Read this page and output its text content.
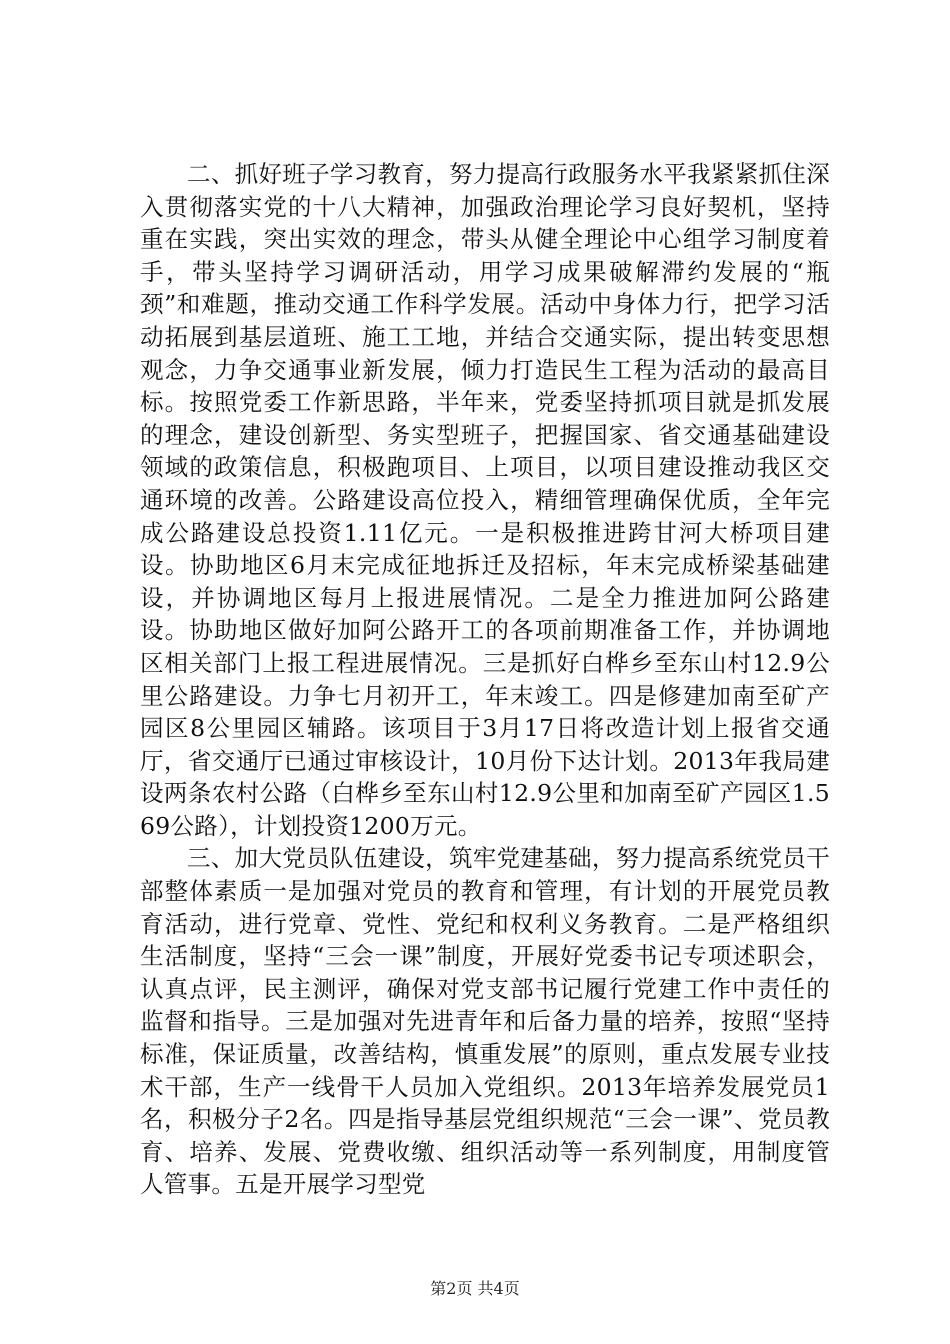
二、抓好班子学习教育，努力提高行政服务水平我紧紧抓住深入贯彻落实党的十八大精神，加强政治理论学习良好契机，坚持重在实践，突出实效的理念，带头从健全理论中心组学习制度着手，带头坚持学习调研活动，用学习成果破解滞约发展的“瓶颈”和难题，推动交通工作科学发展。活动中身体力行，把学习活动拓展到基层道班、施工工地，并结合交通实际，提出转变思想观念，力争交通事业新发展，倾力打造民生工程为活动的最高目标。按照党委工作新思路，半年来，党委坚持抓项目就是抓发展的理念，建设创新型、务实型班子，把握国家、省交通基础建设领域的政策信息，积极跑项目、上项目，以项目建设推动我区交通环境的改善。公路建设高位投入，精细管理确保优质，全年完成公路建设总投资1.11亿元。一是积极推进跨甘河大桥项目建设。协助地区6月末完成征地拆迁及招标，年末完成桥梁基础建设，并协调地区每月上报进展情况。二是全力推进加阿公路建设。协助地区做好加阿公路开工的各项前期准备工作，并协调地区相关部门上报工程进展情况。三是抓好白桦乡至东山村12.9公里公路建设。力争七月初开工，年末竣工。四是修建加南至矿产园区8公里园区辅路。该项目于3月17日将改造计划上报省交通厅，省交通厅已通过审核设计，10月份下达计划。2013年我局建设两条农村公路（白桦乡至东山村12.9公里和加南至矿产园区1.569公路），计划投资1200万元。

三、加大党员队伍建设，筑牢党建基础，努力提高系统党员干部整体素质一是加强对党员的教育和管理，有计划的开展党员教育活动，进行党章、党性、党纪和权利义务教育。二是严格组织生活制度，坚持“三会一课”制度，开展好党委书记专项述职会，认真点评，民主测评，确保对党支部书记履行党建工作中责任的监督和指导。三是加强对先进青年和后备力量的培养，按照“坚持标准，保证质量，改善结构，慎重发展”的原则，重点发展专业技术干部，生产一线骨干人员加入党组织。2013年培养发展党员1名，积极分子2名。四是指导基层党组织规范“三会一课”、党员教育、培养、发展、党费收缴、组织活动等一系列制度，用制度管人管事。五是开展学习型党

第2页 共4页
